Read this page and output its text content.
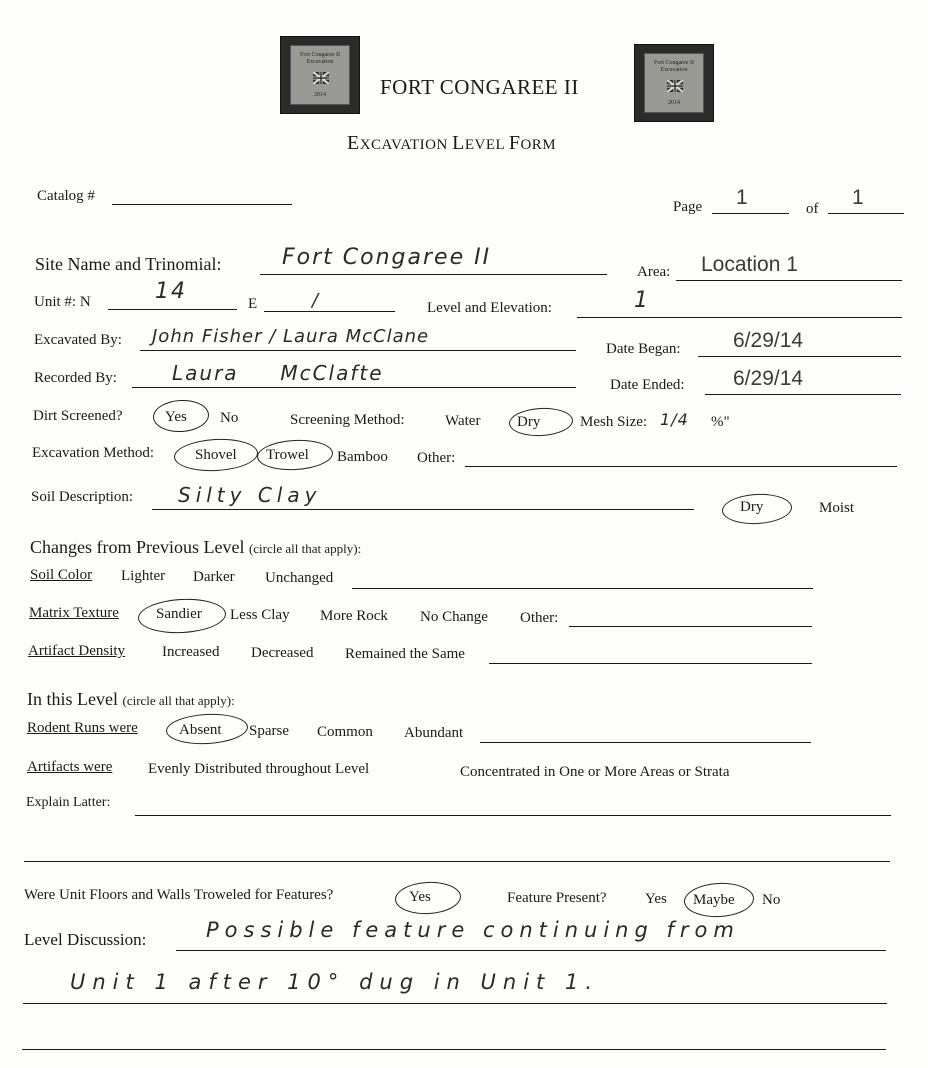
Fort Congaree II Excavation
2014
Fort Congaree II Excavation
2014
FORT CONGAREE II
EXCAVATION LEVEL FORM
Catalog #
Page 1	of 1
Site Name and Trinomial:	Fort Congaree II
Area: Location 1
Unit #: N	14	E	/	Level and Elevation:	1
Excavated By: John Fisher / Laura McClane
Date Began: 6/29/14
Recorded By:	Laura     McClafte	Date Ended: 6/29/14
Dirt Screened?	Yes No	Screening Method:	Water Dry	Mesh Size: 1/4 %"
Excavation Method:	Shovel Trowel Bamboo Other:
Soil Description: Silty Clay	Dry	Moist
Changes from Previous Level (circle all that apply):
Soil Color Lighter Darker Unchanged
Matrix Texture Sandier Less Clay More Rock No Change Other:
Artifact Density Increased Decreased Remained the Same
In this Level (circle all that apply):
Rodent Runs were	Absent Sparse Common Abundant
Artifacts were Evenly Distributed throughout Level	Concentrated in One or More Areas or Strata
Explain Latter:
Were Unit Floors and Walls Troweled for Features?	Yes	Feature Present?	Yes Maybe No
Level Discussion:	Possible feature continuing from
Unit 1 after 10° dug in Unit 1.
